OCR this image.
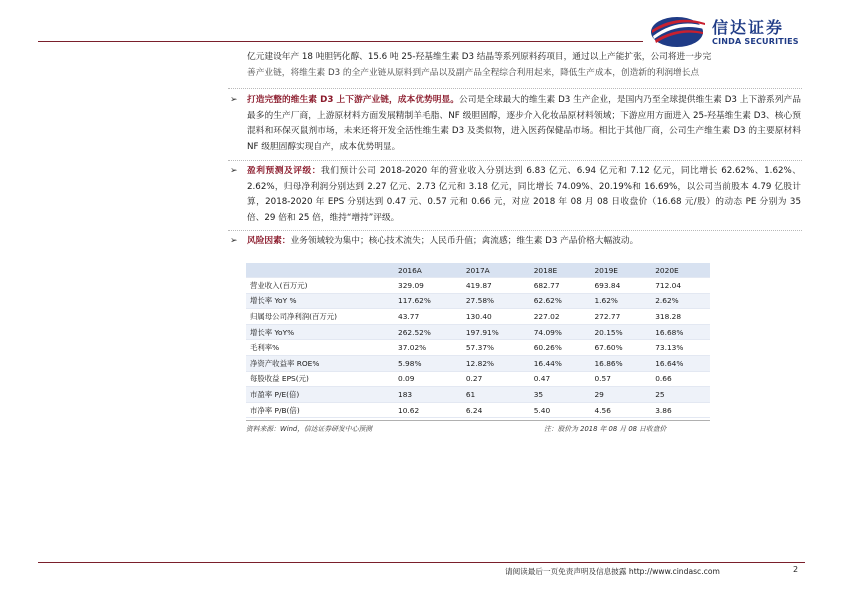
信达证券
CINDA SECURITIES

亿元建设年产 18 吨胆钙化醇、15.6 吨 25-羟基维生素 D3 结晶等系列原料药项目，通过以上产能扩张，公司将进一步完
善产业链，将维生素 D3 的全产业链从原料到产品以及副产品全程综合利用起来，降低生产成本，创造新的利润增长点

➢ 打造完整的维生素 D3 上下游产业链，成本优势明显。公司是全球最大的维生素 D3 生产企业，是国内乃至全球提供维生素 D3 上下游系列产品最多的生产厂商，上游原材料方面发展精制羊毛脂、NF 级胆固醇，逐步介入化妆品原材料领域；下游应用方面进入 25-羟基维生素 D3、核心预混料和环保灭鼠剂市场，未来还将开发全活性维生素 D3 及类似物，进入医药保健品市场。相比于其他厂商，公司生产维生素 D3 的主要原材料 NF 级胆固醇实现自产，成本优势明显。

➢ 盈利预测及评级：我们预计公司 2018-2020 年的营业收入分别达到 6.83 亿元、6.94 亿元和 7.12 亿元，同比增长 62.62%、1.62%、2.62%，归母净利润分别达到 2.27 亿元、2.73 亿元和 3.18 亿元，同比增长 74.09%、20.19%和 16.69%，以公司当前股本 4.79 亿股计算，2018-2020 年 EPS 分别达到 0.47 元、0.57 元和 0.66 元，对应 2018 年 08 月 08 日收盘价（16.68 元/股）的动态 PE 分别为 35 倍、29 倍和 25 倍，维持“增持”评级。

➢ 风险因素：业务领域较为集中；核心技术流失；人民币升值；禽流感；维生素 D3 产品价格大幅波动。

	2016A	2017A	2018E	2019E	2020E
营业收入(百万元)	329.09	419.87	682.77	693.84	712.04
增长率 YoY %	117.62%	27.58%	62.62%	1.62%	2.62%
归属母公司净利润(百万元)	43.77	130.40	227.02	272.77	318.28
增长率 YoY%	262.52%	197.91%	74.09%	20.15%	16.68%
毛利率%	37.02%	57.37%	60.26%	67.60%	73.13%
净资产收益率 ROE%	5.98%	12.82%	16.44%	16.86%	16.64%
每股收益 EPS(元)	0.09	0.27	0.47	0.57	0.66
市盈率 P/E(倍)	183	61	35	29	25
市净率 P/B(倍)	10.62	6.24	5.40	4.56	3.86
资料来源：Wind，信达证券研发中心预测	注：股价为 2018 年 08 月 08 日收盘价
请阅读最后一页免责声明及信息披露 http://www.cindasc.com	2
